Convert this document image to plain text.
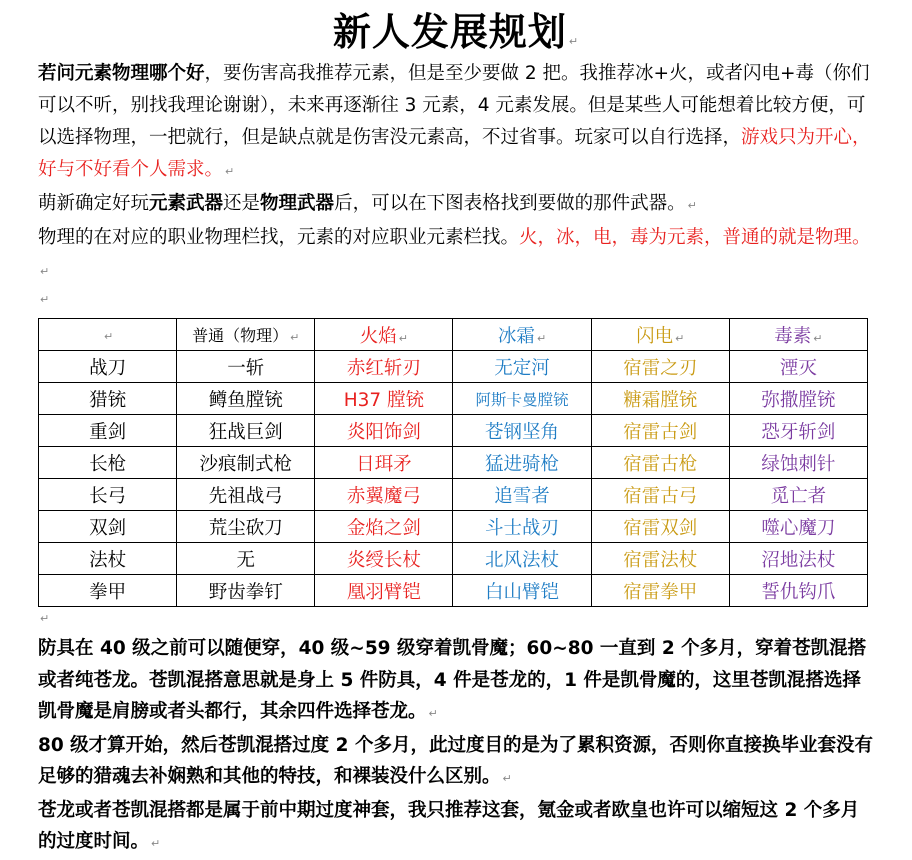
新人发展规划 ↵

若问元素物理哪个好，要伤害高我推荐元素，但是至少要做 2 把。我推荐冰+火，或者闪电+毒（你们可以不听，别找我理论谢谢），未来再逐渐往 3 元素，4 元素发展。但是某些人可能想着比较方便，可以选择物理，一把就行，但是缺点就是伤害没元素高，不过省事。玩家可以自行选择，游戏只为开心，好与不好看个人需求。 ↵

萌新确定好玩元素武器还是物理武器后，可以在下图表格找到要做的那件武器。 ↵

物理的在对应的职业物理栏找，元素的对应职业元素栏找。火，冰，电，毒为元素，普通的就是物理。↵

↵
↵	普通（物理） ↵	火焰 ↵	冰霜 ↵	闪电 ↵	毒素 ↵
战刀	一斩	赤红斩刃	无定河	宿雷之刃	湮灭
猎铳	鳟鱼膛铳	H37 膛铳	阿斯卡曼膛铳	糖霜膛铳	弥撒膛铳
重剑	狂战巨剑	炎阳饰剑	苍钢坚角	宿雷古剑	恐牙斩剑
长枪	沙痕制式枪	日珥矛	猛进骑枪	宿雷古枪	绿蚀刺针
长弓	先祖战弓	赤翼魔弓	追雪者	宿雷古弓	觅亡者
双剑	荒尘砍刀	金焰之剑	斗士战刃	宿雷双剑	噬心魔刀
法杖	无	炎绶长杖	北风法杖	宿雷法杖	沼地法杖
拳甲	野齿拳钉	凰羽臂铠	白山臂铠	宿雷拳甲	誓仇钩爪
↵

防具在 40 级之前可以随便穿，40 级~59 级穿着凯骨魔；60~80 一直到 2 个多月，穿着苍凯混搭或者纯苍龙。苍凯混搭意思就是身上 5 件防具，4 件是苍龙的，1 件是凯骨魔的，这里苍凯混搭选择凯骨魔是肩膀或者头都行，其余四件选择苍龙。 ↵

80 级才算开始，然后苍凯混搭过度 2 个多月，此过度目的是为了累积资源，否则你直接换毕业套没有足够的猎魂去补娴熟和其他的特技，和裸装没什么区别。 ↵

苍龙或者苍凯混搭都是属于前中期过度神套，我只推荐这套，氪金或者欧皇也许可以缩短这 2 个多月的过度时间。 ↵
